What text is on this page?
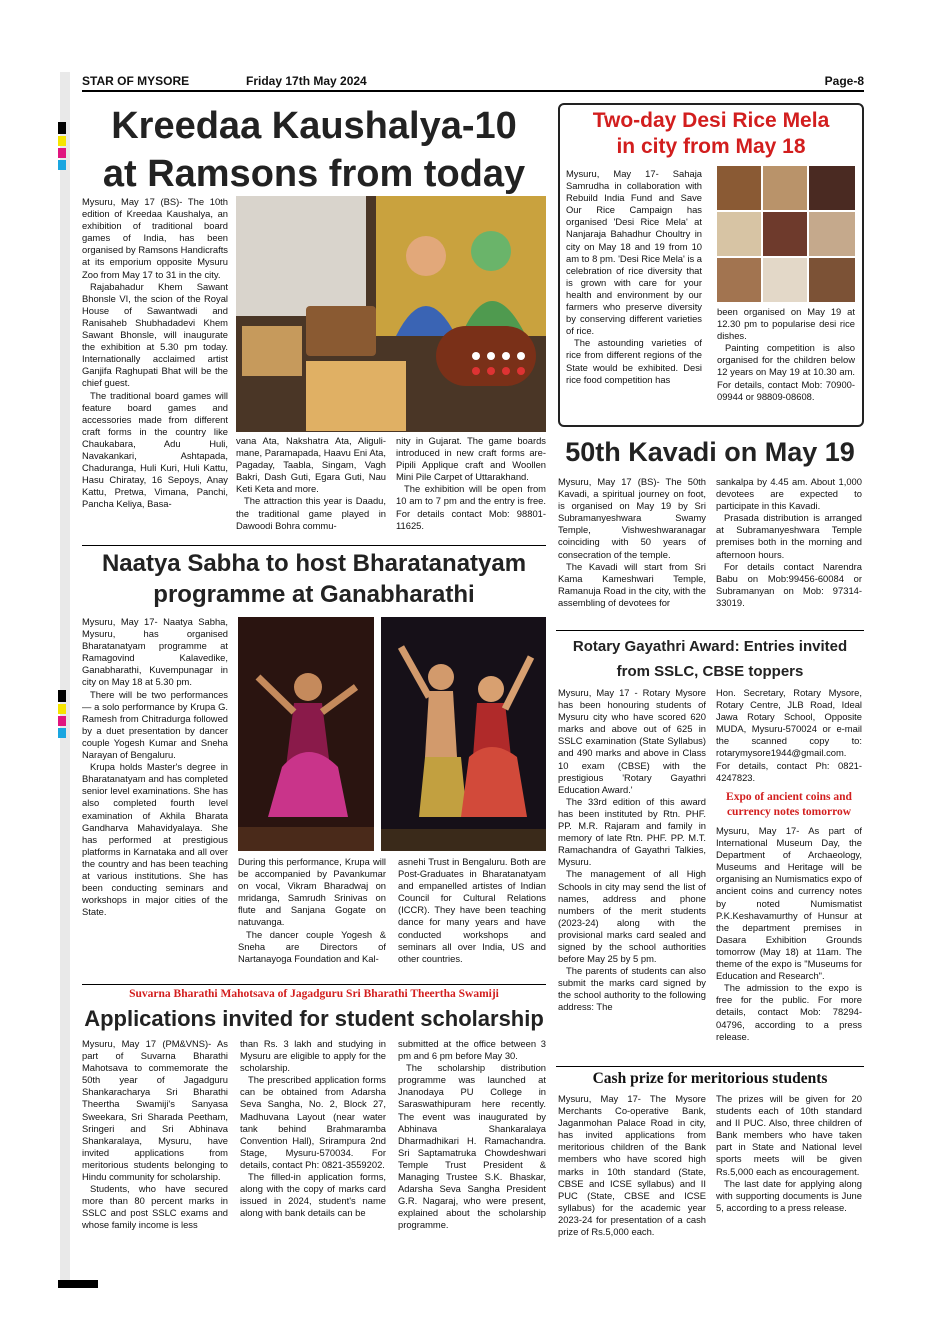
STAR OF MYSORE	Friday 17th May 2024	Page-8
Kreedaa Kaushalya-10
at Ramsons from today

Mysuru, May 17 (BS)- The 10th edition of Kreedaa Kaushalya, an exhibition of traditional board games of India, has been organised by Ramsons Handicrafts at its emporium opposite Mysuru Zoo from May 17 to 31 in the city.

Rajabahadur Khem Sawant Bhonsle VI, the scion of the Royal House of Sawantwadi and Ranisaheb Shubhadadevi Khem Sawant Bhonsle, will inaugurate the exhibition at 5.30 pm today. Internationally acclaimed artist Ganjifa Raghupati Bhat will be the chief guest.

The traditional board games will feature board games and accessories made from different craft forms in the country like Chaukabara, Adu Huli, Navakankari, Ashtapada, Chaduranga, Huli Kuri, Huli Kattu, Hasu Chiratay, 16 Sepoys, Anay Kattu, Pretwa, Vimana, Panchi, Pancha Keliya, Basa-

vana Ata, Nakshatra Ata, Aliguli-mane, Paramapada, Haavu Eni Ata, Pagaday, Taabla, Singam, Vagh Bakri, Dash Guti, Egara Guti, Nau Keti Keta and more.

The attraction this year is Daadu, the traditional game played in Dawoodi Bohra commu-

nity in Gujarat. The game boards introduced in new craft forms are- Pipili Applique craft and Woollen Mini Pile Carpet of Uttarakhand.

The exhibition will be open from 10 am to 7 pm and the entry is free. For details contact Mob: 98801-11625.

Two-day Desi Rice Mela
in city from May 18

Mysuru, May 17- Sahaja Samrudha in collaboration with Rebuild India Fund and Save Our Rice Campaign has organised 'Desi Rice Mela' at Nanjaraja Bahadhur Choultry in city on May 18 and 19 from 10 am to 8 pm. 'Desi Rice Mela' is a celebration of rice diversity that is grown with care for your health and environment by our farmers who preserve diversity by conserving different varieties of rice.

The astounding varieties of rice from different regions of the State would be exhibited. Desi rice food competition has

been organised on May 19 at 12.30 pm to popularise desi rice dishes.

Painting competition is also organised for the children below 12 years on May 19 at 10.30 am. For details, contact Mob: 70900-09944 or 98809-08608.

50th Kavadi on May 19

Mysuru, May 17 (BS)- The 50th Kavadi, a spiritual journey on foot, is organised on May 19 by Sri Subramanyeshwara Swamy Temple, Vishweshwaranagar coinciding with 50 years of consecration of the temple.

The Kavadi will start from Sri Kama Kameshwari Temple, Ramanuja Road in the city, with the assembling of devotees for

sankalpa by 4.45 am. About 1,000 devotees are expected to participate in this Kavadi.

Prasada distribution is arranged at Subramanyeshwara Temple premises both in the morning and afternoon hours.

For details contact Narendra Babu on Mob:99456-60084 or Subramanyan on Mob: 97314-33019.

Naatya Sabha to host Bharatanatyam
programme at Ganabharathi

Mysuru, May 17- Naatya Sabha, Mysuru, has organised Bharatanatyam programme at Ramagovind Kalavedike, Ganabharathi, Kuvempunagar in city on May 18 at 5.30 pm.

There will be two performances — a solo performance by Krupa G. Ramesh from Chitradurga followed by a duet presentation by dancer couple Yogesh Kumar and Sneha Narayan of Bengaluru.

Krupa holds Master's degree in Bharatanatyam and has completed senior level examinations. She has also completed fourth level examination of Akhila Bharata Gandharva Mahavidyalaya. She has performed at prestigious platforms in Karnataka and all over the country and has been teaching at various institutions. She has been conducting seminars and workshops in major cities of the State.

During this performance, Krupa will be accompanied by Pavankumar on vocal, Vikram Bharadwaj on mridanga, Samrudh Srinivas on flute and Sanjana Gogate on natuvanga.

The dancer couple Yogesh & Sneha are Directors of Nartanayoga Foundation and Kal-

asnehi Trust in Bengaluru. Both are Post-Graduates in Bharatanatyam and empanelled artistes of Indian Council for Cultural Relations (ICCR). They have been teaching dance for many years and have conducted workshops and seminars all over India, US and other countries.

Rotary Gayathri Award: Entries invited
from SSLC, CBSE toppers

Mysuru, May 17 - Rotary Mysore has been honouring students of Mysuru city who have scored 620 marks and above out of 625 in SSLC examination (State Syllabus) and 490 marks and above in Class 10 exam (CBSE) with the prestigious 'Rotary Gayathri Education Award.'

The 33rd edition of this award has been instituted by Rtn. PHF. PP. M.R. Rajaram and family in memory of late Rtn. PHF. PP. M.T. Ramachandra of Gayathri Talkies, Mysuru.

The management of all High Schools in city may send the list of names, address and phone numbers of the merit students (2023-24) along with the provisional marks card sealed and signed by the school authorities before May 25 by 5 pm.

The parents of students can also submit the marks card signed by the school authority to the following address: The

Hon. Secretary, Rotary Mysore, Rotary Centre, JLB Road, Ideal Jawa Rotary School, Opposite MUDA, Mysuru-570024 or e-mail the scanned copy to: rotarymysore1944@gmail.com. For details, contact Ph: 0821-4247823.

Expo of ancient coins and
currency notes tomorrow

Mysuru, May 17- As part of International Museum Day, the Department of Archaeology, Museums and Heritage will be organising an Numismatics expo of ancient coins and currency notes by noted Numismatist P.K.Keshavamurthy of Hunsur at the department premises in Dasara Exhibition Grounds tomorrow (May 18) at 11am. The theme of the expo is "Museums for Education and Research".

The admission to the expo is free for the public. For more details, contact Mob: 78294-04796, according to a press release.

Suvarna Bharathi Mahotsava of Jagadguru Sri Bharathi Theertha Swamiji
Applications invited for student scholarship

Mysuru, May 17 (PM&VNS)- As part of Suvarna Bharathi Mahotsava to commemorate the 50th year of Jagadguru Shankaracharya Sri Bharathi Theertha Swamiji's Sanyasa Sweekara, Sri Sharada Peetham, Sringeri and Sri Abhinava Shankaralaya, Mysuru, have invited applications from meritorious students belonging to Hindu community for scholarship.

Students, who have secured more than 80 percent marks in SSLC and post SSLC exams and whose family income is less

than Rs. 3 lakh and studying in Mysuru are eligible to apply for the scholarship.

The prescribed application forms can be obtained from Adarsha Seva Sangha, No. 2, Block 27, Madhuvana Layout (near water tank behind Brahmaramba Convention Hall), Srirampura 2nd Stage, Mysuru-570034. For details, contact Ph: 0821-3559202.

The filled-in application forms, along with the copy of marks card issued in 2024, student's name along with bank details can be

submitted at the office between 3 pm and 6 pm before May 30.

The scholarship distribution programme was launched at Jnanodaya PU College in Saraswathipuram here recently. The event was inaugurated by Abhinava Shankaralaya Dharmadhikari H. Ramachandra. Sri Saptamatruka Chowdeshwari Temple Trust President & Managing Trustee S.K. Bhaskar, Adarsha Seva Sangha President G.R. Nagaraj, who were present, explained about the scholarship programme.

Cash prize for meritorious students

Mysuru, May 17- The Mysore Merchants Co-operative Bank, Jaganmohan Palace Road in city, has invited applications from meritorious children of the Bank members who have scored high marks in 10th standard (State, CBSE and ICSE syllabus) and II PUC (State, CBSE and ICSE syllabus) for the academic year 2023-24 for presentation of a cash prize of Rs.5,000 each.

The prizes will be given for 20 students each of 10th standard and II PUC. Also, three children of Bank members who have taken part in State and National level sports meets will be given Rs.5,000 each as encouragement.

The last date for applying along with supporting documents is June 5, according to a press release.
